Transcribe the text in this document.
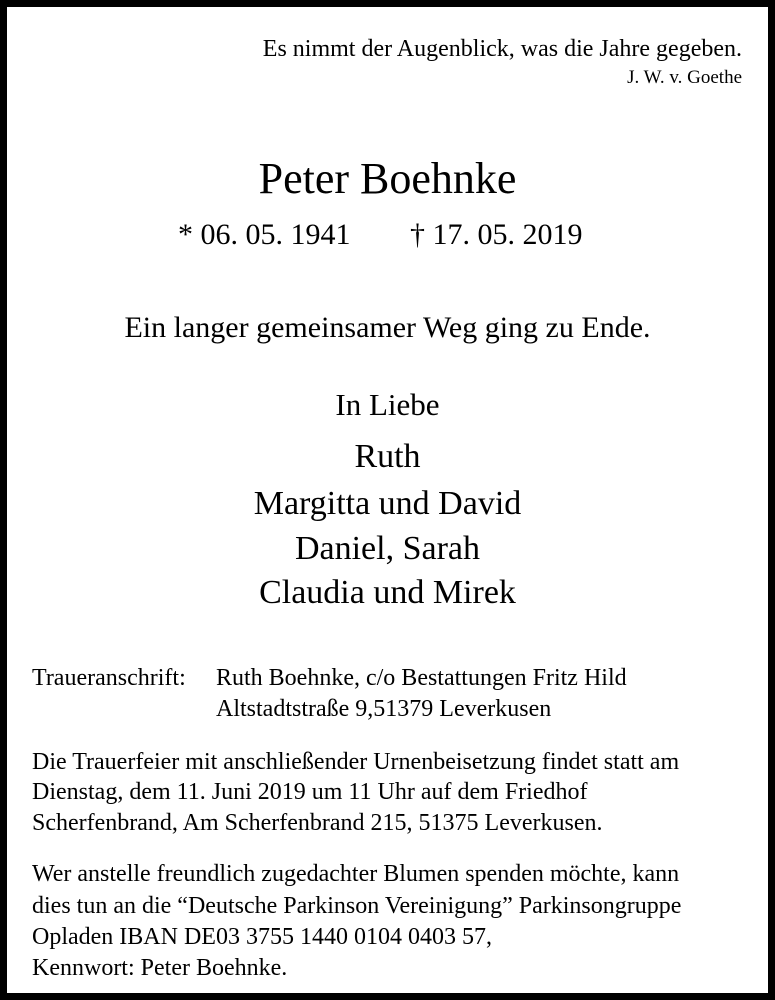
Es nimmt der Augenblick, was die Jahre gegeben.
J. W. v. Goethe
Peter Boehnke
* 06. 05. 1941 † 17. 05. 2019
Ein langer gemeinsamer Weg ging zu Ende.
In Liebe
Ruth
Margitta und David
Daniel, Sarah
Claudia und Mirek
Traueranschrift: Ruth Boehnke, c/o Bestattungen Fritz Hild
Altstadtstraße 9,51379 Leverkusen
Die Trauerfeier mit anschließender Urnenbeisetzung findet statt am
Dienstag, dem 11. Juni 2019 um 11 Uhr auf dem Friedhof
Scherfenbrand, Am Scherfenbrand 215, 51375 Leverkusen.
Wer anstelle freundlich zugedachter Blumen spenden möchte, kann
dies tun an die “Deutsche Parkinson Vereinigung” Parkinsongruppe
Opladen IBAN DE03 3755 1440 0104 0403 57,
Kennwort: Peter Boehnke.
